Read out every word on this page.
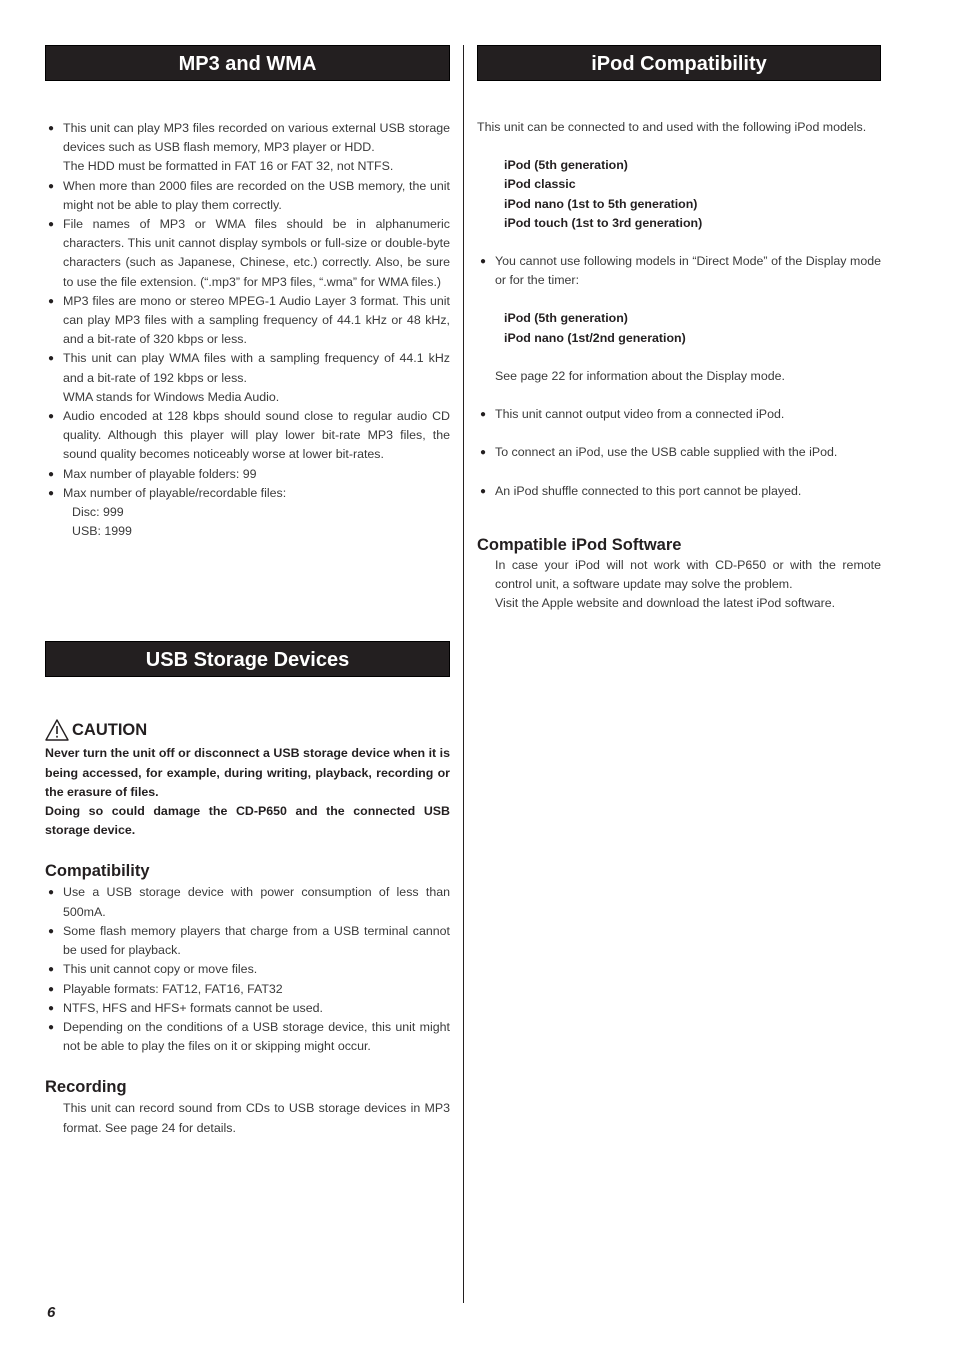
MP3 and WMA
● This unit can play MP3 files recorded on various external USB storage devices such as USB flash memory, MP3 player or HDD.
The HDD must be formatted in FAT 16 or FAT 32, not NTFS.
● When more than 2000 files are recorded on the USB memory, the unit might not be able to play them correctly.
● File names of MP3 or WMA files should be in alphanumeric characters. This unit cannot display symbols or full-size or double-byte characters (such as Japanese, Chinese, etc.) correctly. Also, be sure to use the file extension. (“.mp3” for MP3 files, “.wma” for WMA files.)
● MP3 files are mono or stereo MPEG-1 Audio Layer 3 format. This unit can play MP3 files with a sampling frequency of 44.1 kHz or 48 kHz, and a bit-rate of 320 kbps or less.
● This unit can play WMA files with a sampling frequency of 44.1 kHz and a bit-rate of 192 kbps or less.
WMA stands for Windows Media Audio.
● Audio encoded at 128 kbps should sound close to regular audio CD quality. Although this player will play lower bit-rate MP3 files, the sound quality becomes noticeably worse at lower bit-rates.
● Max number of playable folders: 99
● Max number of playable/recordable files:
Disc: 999
USB: 1999
USB Storage Devices
CAUTION
Never turn the unit off or disconnect a USB storage device when it is being accessed, for example, during writing, playback, recording or the erasure of files.
Doing so could damage the CD-P650 and the connected USB storage device.
Compatibility
● Use a USB storage device with power consumption of less than 500mA.
● Some flash memory players that charge from a USB terminal cannot be used for playback.
● This unit cannot copy or move files.
● Playable formats: FAT12, FAT16, FAT32
● NTFS, HFS and HFS+ formats cannot be used.
● Depending on the conditions of a USB storage device, this unit might not be able to play the files on it or skipping might occur.
Recording
This unit can record sound from CDs to USB storage devices in MP3 format. See page 24 for details.
iPod Compatibility
This unit can be connected to and used with the following iPod models.
iPod (5th generation)
iPod classic
iPod nano (1st to 5th generation)
iPod touch (1st to 3rd generation)
● You cannot use following models in “Direct Mode” of the Display mode or for the timer:
iPod (5th generation)
iPod nano (1st/2nd generation)
See page 22 for information about the Display mode.
● This unit cannot output video from a connected iPod.
● To connect an iPod, use the USB cable supplied with the iPod.
● An iPod shuffle connected to this port cannot be played.
Compatible iPod Software
In case your iPod will not work with CD-P650 or with the remote control unit, a software update may solve the problem.
Visit the Apple website and download the latest iPod software.
6
